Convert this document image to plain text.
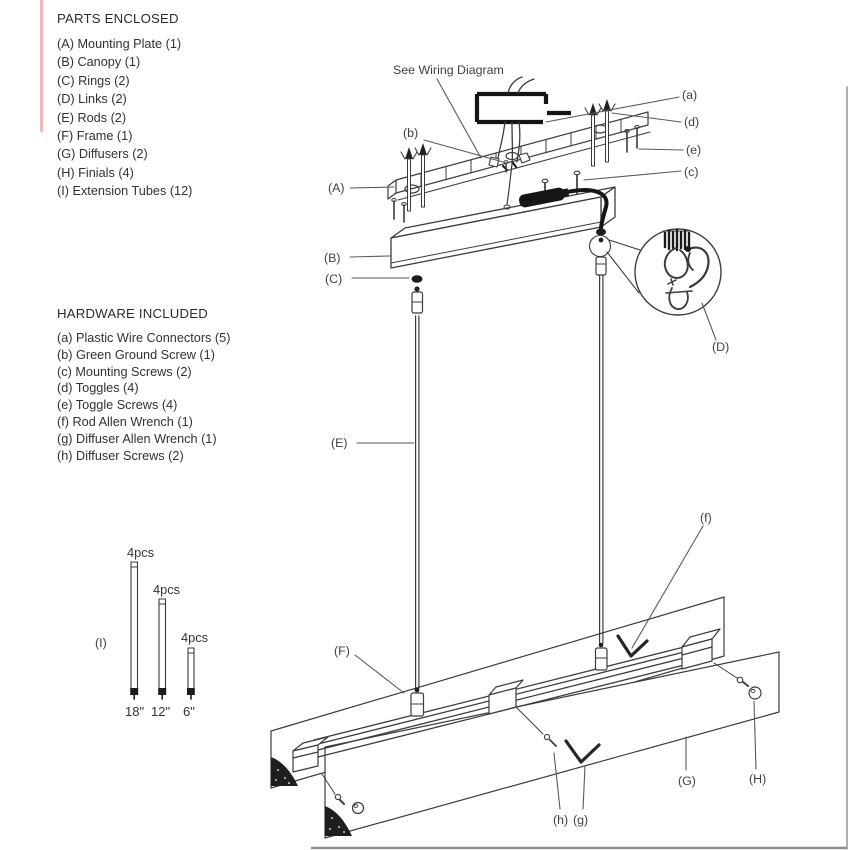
PARTS ENCLOSED
(A) Mounting Plate (1)
(B) Canopy (1)
(C) Rings (2)
(D) Links (2)
(E) Rods (2)
(F) Frame (1)
(G) Diffusers (2)
(H) Finials (4)
(I) Extension Tubes (12)
HARDWARE INCLUDED
(a) Plastic Wire Connectors (5)
(b) Green Ground Screw (1)
(c) Mounting Screws (2)
(d) Toggles (4)
(e) Toggle Screws (4)
(f) Rod Allen Wrench (1)
(g) Diffuser Allen Wrench (1)
(h) Diffuser Screws (2)
4pcs
4pcs
4pcs
18" 12" 6"
(I)
See Wiring Diagram
(a)
(d)
(e)
(c)
(b)
(A)
(B)
(C)
(D)
(E)
(F)
(f)
(G)	(H)
(h) (g)
